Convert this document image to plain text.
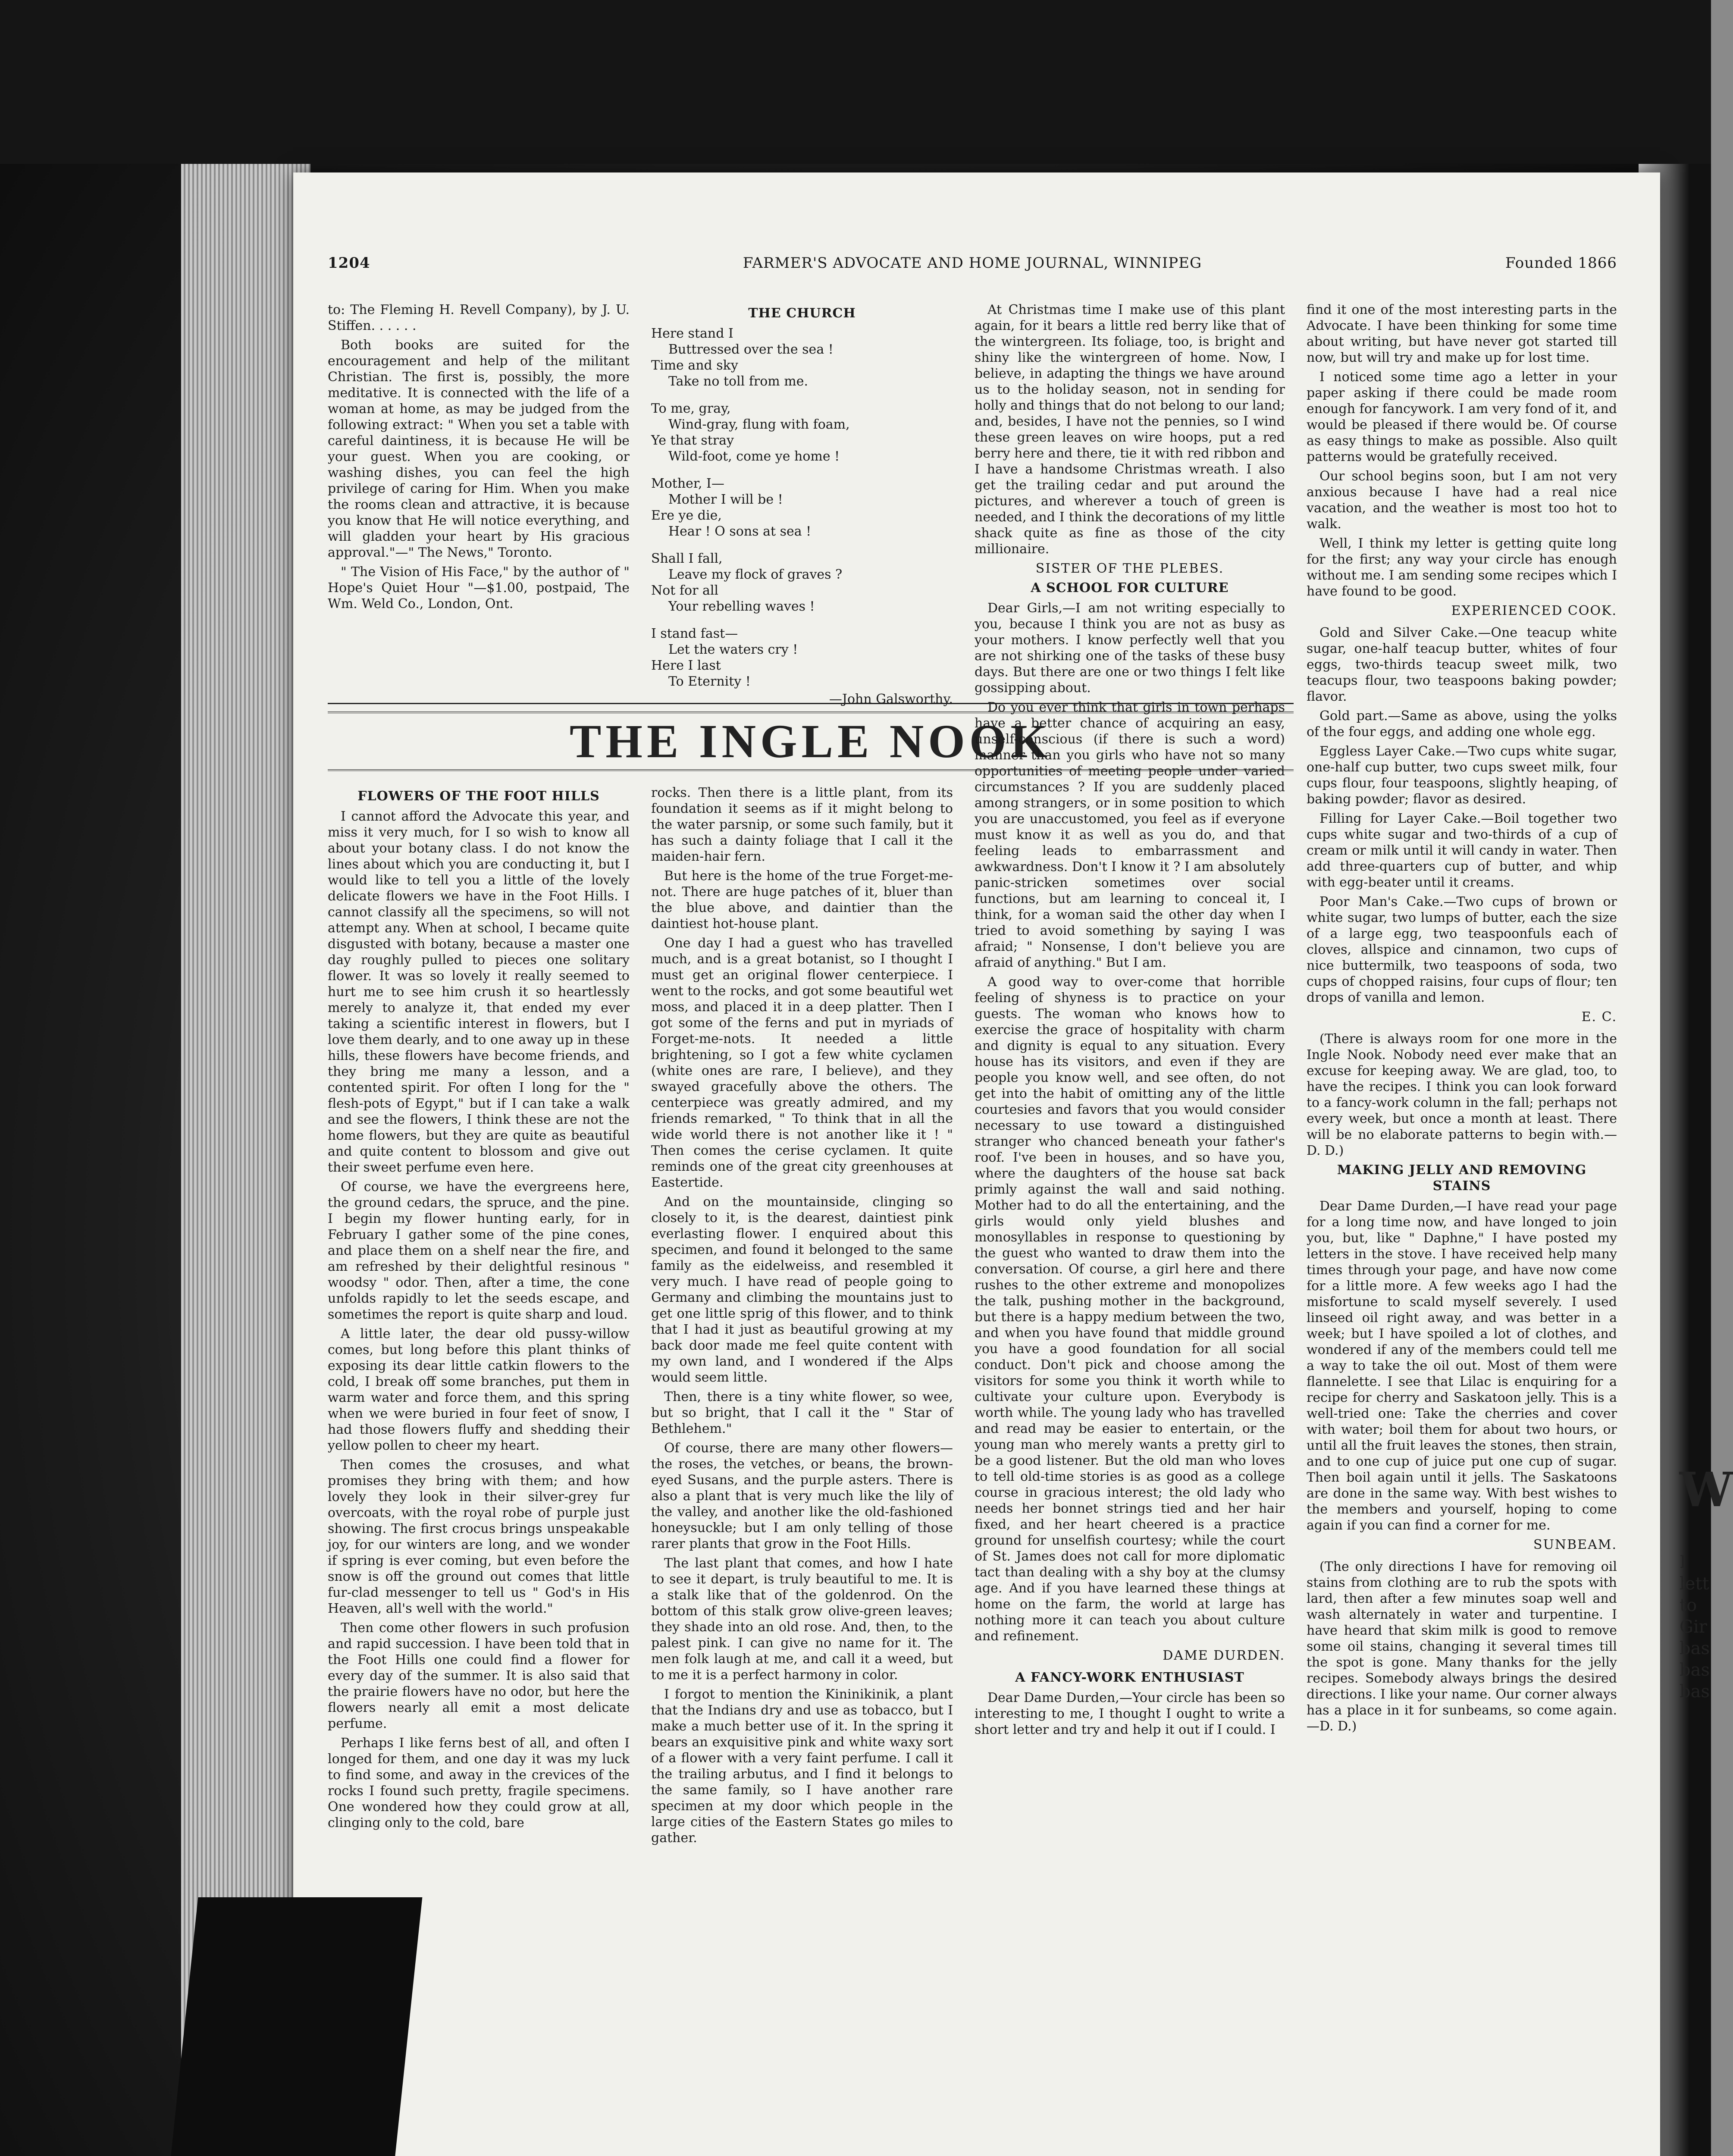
1204	FARMER'S ADVOCATE AND HOME JOURNAL, WINNIPEG	Founded 1866

to: The Fleming H. Revell Company), by J. U. Stiffen. . . . . .

Both books are suited for the encouragement and help of the militant Christian. The first is, possibly, the more meditative. It is connected with the life of a woman at home, as may be judged from the following extract: " When you set a table with careful daintiness, it is because He will be your guest. When you are cooking, or washing dishes, you can feel the high privilege of caring for Him. When you make the rooms clean and attractive, it is because you know that He will notice everything, and will gladden your heart by His gracious approval."—" The News," Toronto.

" The Vision of His Face," by the author of " Hope's Quiet Hour "—$1.00, postpaid, The Wm. Weld Co., London, Ont.

THE CHURCH
Here stand I
Buttressed over the sea !
Time and sky
Take no toll from me.
To me, gray,
Wind-gray, flung with foam,
Ye that stray
Wild-foot, come ye home !
Mother, I—
Mother I will be !
Ere ye die,
Hear ! O sons at sea !
Shall I fall,
Leave my flock of graves ?
Not for all
Your rebelling waves !
I stand fast—
Let the waters cry !
Here I last
To Eternity !
—John Galsworthy.
THE INGLE NOOK
FLOWERS OF THE FOOT HILLS

I cannot afford the Advocate this year, and miss it very much, for I so wish to know all about your botany class. I do not know the lines about which you are conducting it, but I would like to tell you a little of the lovely delicate flowers we have in the Foot Hills. I cannot classify all the specimens, so will not attempt any. When at school, I became quite disgusted with botany, because a master one day roughly pulled to pieces one solitary flower. It was so lovely it really seemed to hurt me to see him crush it so heartlessly merely to analyze it, that ended my ever taking a scientific interest in flowers, but I love them dearly, and to one away up in these hills, these flowers have become friends, and they bring me many a lesson, and a contented spirit. For often I long for the " flesh-pots of Egypt," but if I can take a walk and see the flowers, I think these are not the home flowers, but they are quite as beautiful and quite content to blossom and give out their sweet perfume even here.

Of course, we have the evergreens here, the ground cedars, the spruce, and the pine. I begin my flower hunting early, for in February I gather some of the pine cones, and place them on a shelf near the fire, and am refreshed by their delightful resinous " woodsy " odor. Then, after a time, the cone unfolds rapidly to let the seeds escape, and sometimes the report is quite sharp and loud.

A little later, the dear old pussy-willow comes, but long before this plant thinks of exposing its dear little catkin flowers to the cold, I break off some branches, put them in warm water and force them, and this spring when we were buried in four feet of snow, I had those flowers fluffy and shedding their yellow pollen to cheer my heart.

Then comes the crosuses, and what promises they bring with them; and how lovely they look in their silver-grey fur overcoats, with the royal robe of purple just showing. The first crocus brings unspeakable joy, for our winters are long, and we wonder if spring is ever coming, but even before the snow is off the ground out comes that little fur-clad messenger to tell us " God's in His Heaven, all's well with the world."

Then come other flowers in such profusion and rapid succession. I have been told that in the Foot Hills one could find a flower for every day of the summer. It is also said that the prairie flowers have no odor, but here the flowers nearly all emit a most delicate perfume.

Perhaps I like ferns best of all, and often I longed for them, and one day it was my luck to find some, and away in the crevices of the rocks I found such pretty, fragile specimens. One wondered how they could grow at all, clinging only to the cold, bare

rocks. Then there is a little plant, from its foundation it seems as if it might belong to the water parsnip, or some such family, but it has such a dainty foliage that I call it the maiden-hair fern.

But here is the home of the true Forget-me-not. There are huge patches of it, bluer than the blue above, and daintier than the daintiest hot-house plant.

One day I had a guest who has travelled much, and is a great botanist, so I thought I must get an original flower centerpiece. I went to the rocks, and got some beautiful wet moss, and placed it in a deep platter. Then I got some of the ferns and put in myriads of Forget-me-nots. It needed a little brightening, so I got a few white cyclamen (white ones are rare, I believe), and they swayed gracefully above the others. The centerpiece was greatly admired, and my friends remarked, " To think that in all the wide world there is not another like it ! " Then comes the cerise cyclamen. It quite reminds one of the great city greenhouses at Eastertide.

And on the mountainside, clinging so closely to it, is the dearest, daintiest pink everlasting flower. I enquired about this specimen, and found it belonged to the same family as the eidelweiss, and resembled it very much. I have read of people going to Germany and climbing the mountains just to get one little sprig of this flower, and to think that I had it just as beautiful growing at my back door made me feel quite content with my own land, and I wondered if the Alps would seem little.

Then, there is a tiny white flower, so wee, but so bright, that I call it the " Star of Bethlehem."

Of course, there are many other flowers—the roses, the vetches, or beans, the brown-eyed Susans, and the purple asters. There is also a plant that is very much like the lily of the valley, and another like the old-fashioned honeysuckle; but I am only telling of those rarer plants that grow in the Foot Hills.

The last plant that comes, and how I hate to see it depart, is truly beautiful to me. It is a stalk like that of the goldenrod. On the bottom of this stalk grow olive-green leaves; they shade into an old rose. And, then, to the palest pink. I can give no name for it. The men folk laugh at me, and call it a weed, but to me it is a perfect harmony in color.

I forgot to mention the Kininikinik, a plant that the Indians dry and use as tobacco, but I make a much better use of it. In the spring it bears an exquisitive pink and white waxy sort of a flower with a very faint perfume. I call it the trailing arbutus, and I find it belongs to the same family, so I have another rare specimen at my door which people in the large cities of the Eastern States go miles to gather.

At Christmas time I make use of this plant again, for it bears a little red berry like that of the wintergreen. Its foliage, too, is bright and shiny like the wintergreen of home. Now, I believe, in adapting the things we have around us to the holiday season, not in sending for holly and things that do not belong to our land; and, besides, I have not the pennies, so I wind these green leaves on wire hoops, put a red berry here and there, tie it with red ribbon and I have a handsome Christmas wreath. I also get the trailing cedar and put around the pictures, and wherever a touch of green is needed, and I think the decorations of my little shack quite as fine as those of the city millionaire.

SISTER OF THE PLEBES.
A SCHOOL FOR CULTURE

Dear Girls,—I am not writing especially to you, because I think you are not as busy as your mothers. I know perfectly well that you are not shirking one of the tasks of these busy days. But there are one or two things I felt like gossipping about.

Do you ever think that girls in town perhaps have a better chance of acquiring an easy, unself-conscious (if there is such a word) manner than you girls who have not so many opportunities of meeting people under varied circumstances ? If you are suddenly placed among strangers, or in some position to which you are unaccustomed, you feel as if everyone must know it as well as you do, and that feeling leads to embarrassment and awkwardness. Don't I know it ? I am absolutely panic-stricken sometimes over social functions, but am learning to conceal it, I think, for a woman said the other day when I tried to avoid something by saying I was afraid; " Nonsense, I don't believe you are afraid of anything." But I am.

A good way to over-come that horrible feeling of shyness is to practice on your guests. The woman who knows how to exercise the grace of hospitality with charm and dignity is equal to any situation. Every house has its visitors, and even if they are people you know well, and see often, do not get into the habit of omitting any of the little courtesies and favors that you would consider necessary to use toward a distinguished stranger who chanced beneath your father's roof. I've been in houses, and so have you, where the daughters of the house sat back primly against the wall and said nothing. Mother had to do all the entertaining, and the girls would only yield blushes and monosyllables in response to questioning by the guest who wanted to draw them into the conversation. Of course, a girl here and there rushes to the other extreme and monopolizes the talk, pushing mother in the background, but there is a happy medium between the two, and when you have found that middle ground you have a good foundation for all social conduct. Don't pick and choose among the visitors for some you think it worth while to cultivate your culture upon. Everybody is worth while. The young lady who has travelled and read may be easier to entertain, or the young man who merely wants a pretty girl to be a good listener. But the old man who loves to tell old-time stories is as good as a college course in gracious interest; the old lady who needs her bonnet strings tied and her hair fixed, and her heart cheered is a practice ground for unselfish courtesy; while the court of St. James does not call for more diplomatic tact than dealing with a shy boy at the clumsy age. And if you have learned these things at home on the farm, the world at large has nothing more it can teach you about culture and refinement.

DAME DURDEN.
A FANCY-WORK ENTHUSIAST

Dear Dame Durden,—Your circle has been so interesting to me, I thought I ought to write a short letter and try and help it out if I could. I

find it one of the most interesting parts in the Advocate. I have been thinking for some time about writing, but have never got started till now, but will try and make up for lost time.

I noticed some time ago a letter in your paper asking if there could be made room enough for fancywork. I am very fond of it, and would be pleased if there would be. Of course as easy things to make as possible. Also quilt patterns would be gratefully received.

Our school begins soon, but I am not very anxious because I have had a real nice vacation, and the weather is most too hot to walk.

Well, I think my letter is getting quite long for the first; any way your circle has enough without me. I am sending some recipes which I have found to be good.

EXPERIENCED COOK.

Gold and Silver Cake.—One teacup white sugar, one-half teacup butter, whites of four eggs, two-thirds teacup sweet milk, two teacups flour, two teaspoons baking powder; flavor.

Gold part.—Same as above, using the yolks of the four eggs, and adding one whole egg.

Eggless Layer Cake.—Two cups white sugar, one-half cup butter, two cups sweet milk, four cups flour, four teaspoons, slightly heaping, of baking powder; flavor as desired.

Filling for Layer Cake.—Boil together two cups white sugar and two-thirds of a cup of cream or milk until it will candy in water. Then add three-quarters cup of butter, and whip with egg-beater until it creams.

Poor Man's Cake.—Two cups of brown or white sugar, two lumps of butter, each the size of a large egg, two teaspoonfuls each of cloves, allspice and cinnamon, two cups of nice buttermilk, two teaspoons of soda, two cups of chopped raisins, four cups of flour; ten drops of vanilla and lemon.

E. C.

(There is always room for one more in the Ingle Nook. Nobody need ever make that an excuse for keeping away. We are glad, too, to have the recipes. I think you can look forward to a fancy-work column in the fall; perhaps not every week, but once a month at least. There will be no elaborate patterns to begin with.—D. D.)

MAKING JELLY AND REMOVING STAINS

Dear Dame Durden,—I have read your page for a long time now, and have longed to join you, but, like " Daphne," I have posted my letters in the stove. I have received help many times through your page, and have now come for a little more. A few weeks ago I had the misfortune to scald myself severely. I used linseed oil right away, and was better in a week; but I have spoiled a lot of clothes, and wondered if any of the members could tell me a way to take the oil out. Most of them were flannelette. I see that Lilac is enquiring for a recipe for cherry and Saskatoon jelly. This is a well-tried one: Take the cherries and cover with water; boil them for about two hours, or until all the fruit leaves the stones, then strain, and to one cup of juice put one cup of sugar. Then boil again until it jells. The Saskatoons are done in the same way. With best wishes to the members and yourself, hoping to come again if you can find a corner for me.

SUNBEAM.

(The only directions I have for removing oil stains from clothing are to rub the spots with lard, then after a few minutes soap well and wash alternately in water and turpentine. I have heard that skim milk is good to remove some oil stains, changing it several times till the spot is gone. Many thanks for the jelly recipes. Somebody always brings the desired directions. I like your name. Our corner always has a place in it for sunbeams, so come again.—D. D.)

W
I
lett
to
Gir
bas
bas
bas
